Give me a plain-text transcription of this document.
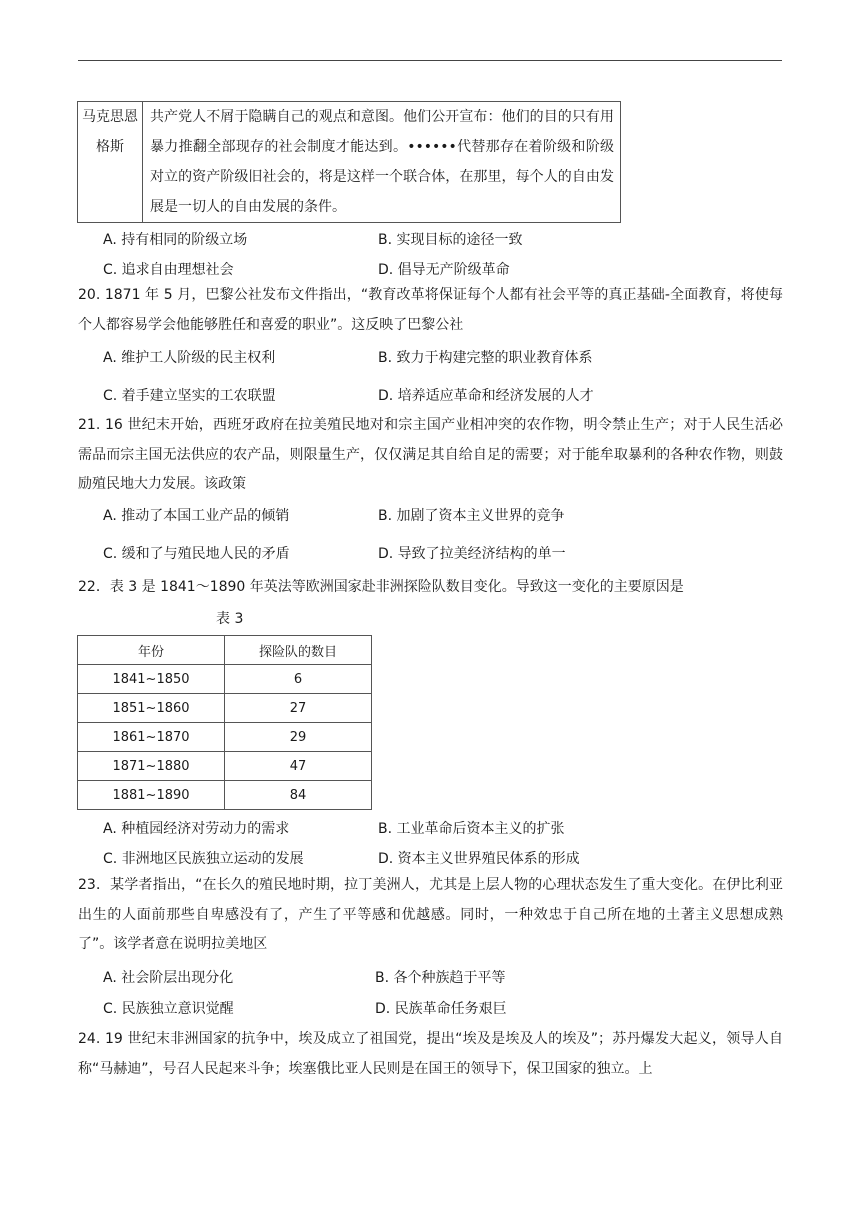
马克思恩格斯	共产党人不屑于隐瞒自己的观点和意图。他们公开宣布：他们的目的只有用暴力推翻全部现存的社会制度才能达到。••••••代替那存在着阶级和阶级对立的资产阶级旧社会的，将是这样一个联合体，在那里，每个人的自由发展是一切人的自由发展的条件。
A. 持有相同的阶级立场	B. 实现目标的途径一致
C. 追求自由理想社会	D. 倡导无产阶级革命
20. 1871 年 5 月，巴黎公社发布文件指出，“教育改革将保证每个人都有社会平等的真正基础-全面教育，将使每个人都容易学会他能够胜任和喜爱的职业”。这反映了巴黎公社
A. 维护工人阶级的民主权利	B. 致力于构建完整的职业教育体系
C. 着手建立坚实的工农联盟	D. 培养适应革命和经济发展的人才
21. 16 世纪末开始，西班牙政府在拉美殖民地对和宗主国产业相冲突的农作物，明令禁止生产；对于人民生活必需品而宗主国无法供应的农产品，则限量生产，仅仅满足其自给自足的需要；对于能牟取暴利的各种农作物，则鼓励殖民地大力发展。该政策
A. 推动了本国工业产品的倾销	B. 加剧了资本主义世界的竞争
C. 缓和了与殖民地人民的矛盾	D. 导致了拉美经济结构的单一
22．表 3 是 1841～1890 年英法等欧洲国家赴非洲探险队数目变化。导致这一变化的主要原因是
表 3
年份	探险队的数目
1841~1850	6
1851~1860	27
1861~1870	29
1871~1880	47
1881~1890	84
A. 种植园经济对劳动力的需求	B. 工业革命后资本主义的扩张
C. 非洲地区民族独立运动的发展	D. 资本主义世界殖民体系的形成
23．某学者指出，“在长久的殖民地时期，拉丁美洲人，尤其是上层人物的心理状态发生了重大变化。在伊比利亚出生的人面前那些自卑感没有了，产生了平等感和优越感。同时，一种效忠于自己所在地的土著主义思想成熟了”。该学者意在说明拉美地区
A. 社会阶层出现分化	B. 各个种族趋于平等
C. 民族独立意识觉醒	D. 民族革命任务艰巨
24. 19 世纪末非洲国家的抗争中，埃及成立了祖国党，提出“埃及是埃及人的埃及”；苏丹爆发大起义，领导人自称“马赫迪”，号召人民起来斗争；埃塞俄比亚人民则是在国王的领导下，保卫国家的独立。上
